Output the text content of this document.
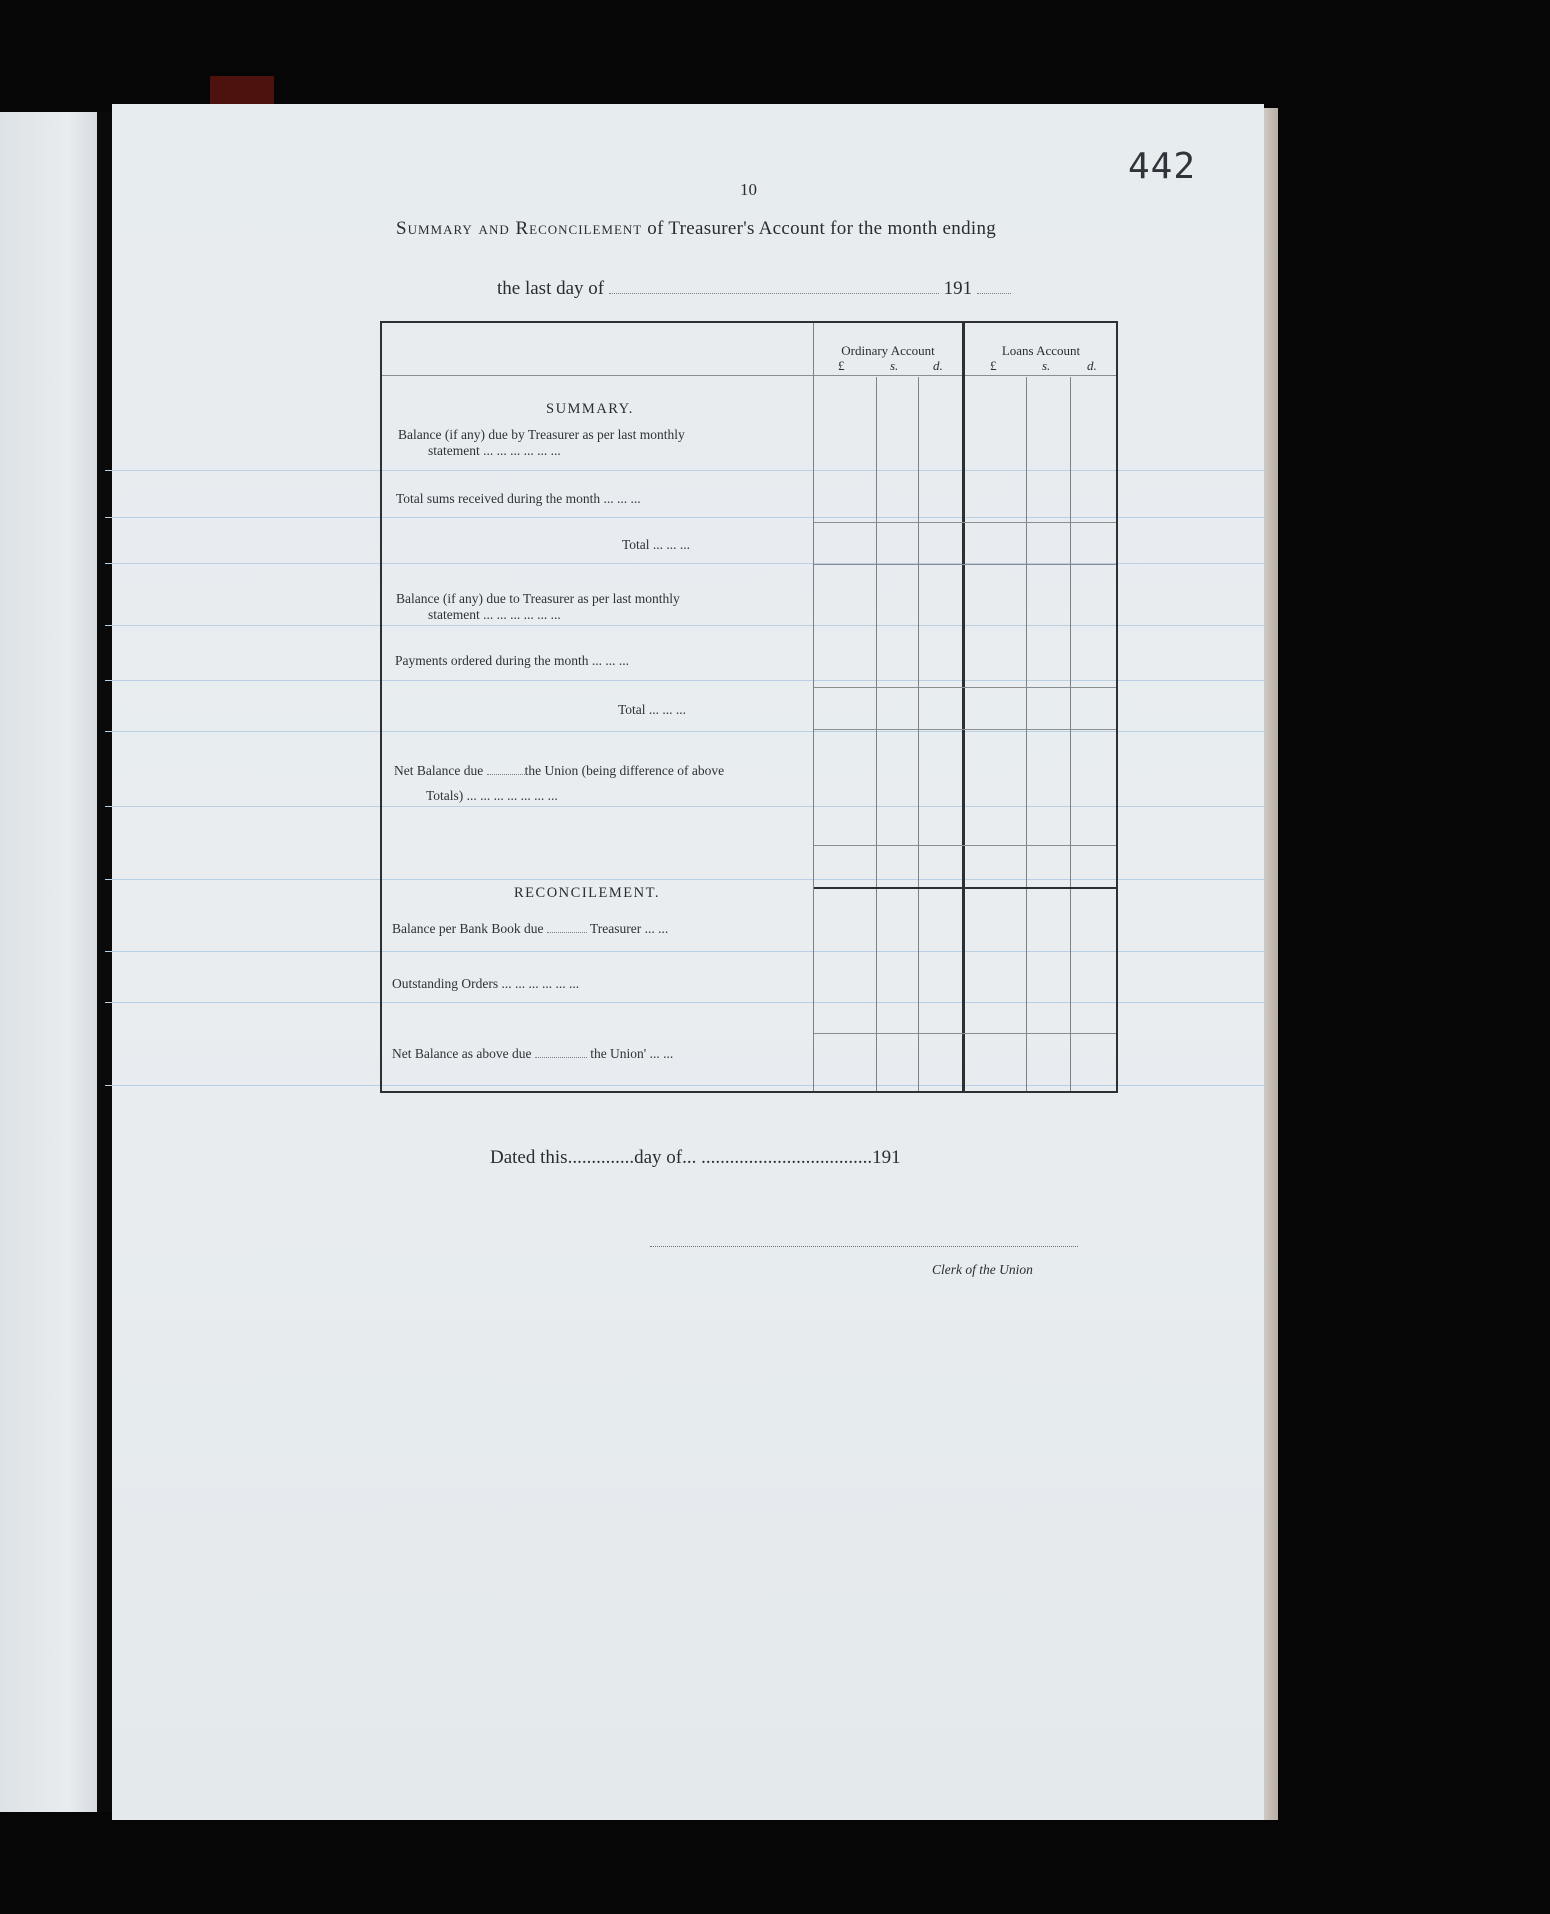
442
10
Summary and Reconcilement of Treasurer's Account for the month ending
the last day of	191
Ordinary Account	Loans Account
£	s.	d.	£	s.	d.
SUMMARY.
Balance (if any) due by Treasurer as per last monthly
statement ... ... ... ... ... ...
Total sums received during the month ... ... ...
Total ... ... ...
Balance (if any) due to Treasurer as per last monthly
statement ... ... ... ... ... ...
Payments ordered during the month ... ... ...
Total ... ... ...
Net Balance due	the Union (being difference of above
Totals) ... ... ... ... ... ... ...
RECONCILEMENT.
Balance per Bank Book due	Treasurer ... ...
Outstanding Orders ... ... ... ... ... ...
Net Balance as above due	the Union' ... ...
Dated this..............day of... ....................................191
Clerk of the Union
